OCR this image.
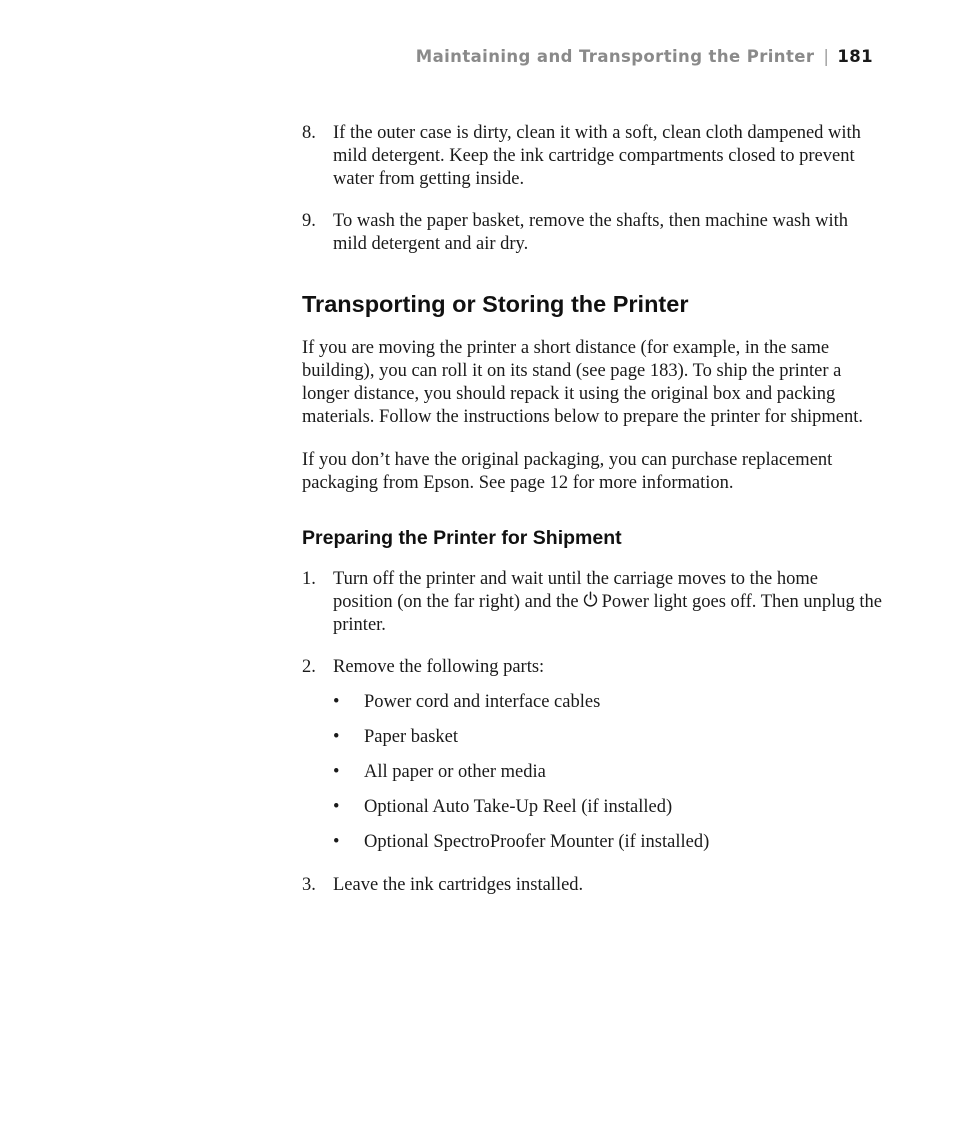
Maintaining and Transporting the Printer | 181
8. If the outer case is dirty, clean it with a soft, clean cloth dampened with mild detergent. Keep the ink cartridge compartments closed to prevent water from getting inside.
9. To wash the paper basket, remove the shafts, then machine wash with mild detergent and air dry.
Transporting or Storing the Printer

If you are moving the printer a short distance (for example, in the same building), you can roll it on its stand (see page 183). To ship the printer a longer distance, you should repack it using the original box and packing materials. Follow the instructions below to prepare the printer for shipment.

If you don’t have the original packaging, you can purchase replacement packaging from Epson. See page 12 for more information.

Preparing the Printer for Shipment
1. Turn off the printer and wait until the carriage moves to the home position (on the far right) and the Power light goes off. Then unplug the printer.
2. Remove the following parts:
•	Power cord and interface cables
•	Paper basket
•	All paper or other media
•	Optional Auto Take-Up Reel (if installed)
•	Optional SpectroProofer Mounter (if installed)
3. Leave the ink cartridges installed.
